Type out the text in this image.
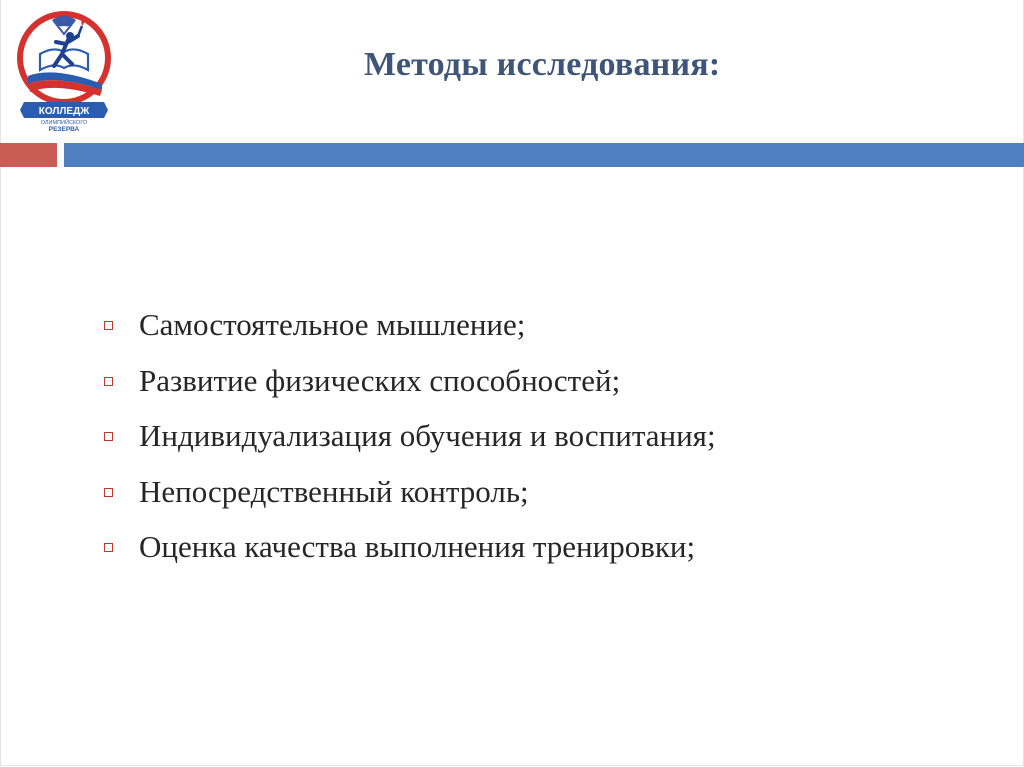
КОЛЛЕДЖ
ОЛИМПИЙСКОГО
РЕЗЕРВА
Методы исследования:
Самостоятельное мышление;
Развитие физических способностей;
Индивидуализация обучения и воспитания;
Непосредственный контроль;
Оценка качества выполнения тренировки;
